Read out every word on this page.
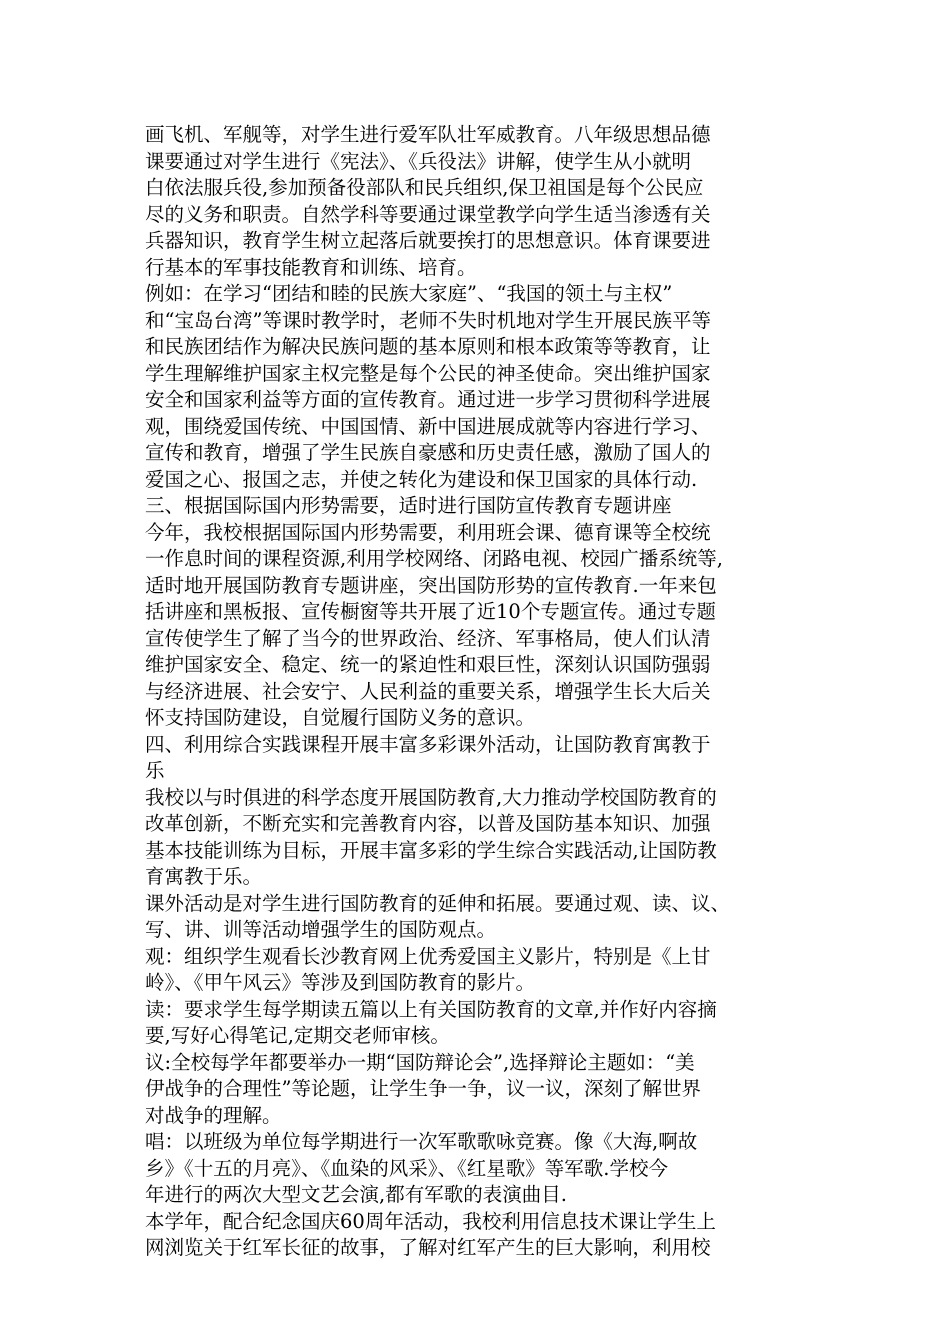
画飞机、军舰等，对学生进行爱军队壮军威教育。八年级思想品德
课要通过对学生进行《宪法》、《兵役法》讲解，使学生从小就明
白依法服兵役,参加预备役部队和民兵组织,保卫祖国是每个公民应
尽的义务和职责。自然学科等要通过课堂教学向学生适当渗透有关
兵器知识，教育学生树立起落后就要挨打的思想意识。体育课要进
行基本的军事技能教育和训练、培育。
例如：在学习“团结和睦的民族大家庭”、“我国的领土与主权”
和“宝岛台湾”等课时教学时，老师不失时机地对学生开展民族平等
和民族团结作为解决民族问题的基本原则和根本政策等等教育，让
学生理解维护国家主权完整是每个公民的神圣使命。突出维护国家
安全和国家利益等方面的宣传教育。通过进一步学习贯彻科学进展
观，围绕爱国传统、中国国情、新中国进展成就等内容进行学习、
宣传和教育，增强了学生民族自豪感和历史责任感，激励了国人的
爱国之心、报国之志，并使之转化为建设和保卫国家的具体行动.
三、根据国际国内形势需要，适时进行国防宣传教育专题讲座
今年，我校根据国际国内形势需要，利用班会课、德育课等全校统
一作息时间的课程资源,利用学校网络、闭路电视、校园广播系统等,
适时地开展国防教育专题讲座，突出国防形势的宣传教育.一年来包
括讲座和黑板报、宣传橱窗等共开展了近10个专题宣传。通过专题
宣传使学生了解了当今的世界政治、经济、军事格局，使人们认清
维护国家安全、稳定、统一的紧迫性和艰巨性，深刻认识国防强弱
与经济进展、社会安宁、人民利益的重要关系，增强学生长大后关
怀支持国防建设，自觉履行国防义务的意识。
四、利用综合实践课程开展丰富多彩课外活动，让国防教育寓教于
乐
我校以与时俱进的科学态度开展国防教育,大力推动学校国防教育的
改革创新，不断充实和完善教育内容，以普及国防基本知识、加强
基本技能训练为目标，开展丰富多彩的学生综合实践活动,让国防教
育寓教于乐。
课外活动是对学生进行国防教育的延伸和拓展。要通过观、读、议、
写、讲、训等活动增强学生的国防观点。
观：组织学生观看长沙教育网上优秀爱国主义影片，特别是《上甘
岭》、《甲午风云》等涉及到国防教育的影片。
读：要求学生每学期读五篇以上有关国防教育的文章,并作好内容摘
要,写好心得笔记,定期交老师审核。
议:全校每学年都要举办一期“国防辩论会”,选择辩论主题如：“美
伊战争的合理性”等论题，让学生争一争，议一议，深刻了解世界
对战争的理解。
唱：以班级为单位每学期进行一次军歌歌咏竞赛。像《大海,啊故
乡》《十五的月亮》、《血染的风采》、《红星歌》等军歌.学校今
年进行的两次大型文艺会演,都有军歌的表演曲目.
本学年，配合纪念国庆60周年活动，我校利用信息技术课让学生上
网浏览关于红军长征的故事，了解对红军产生的巨大影响，利用校
